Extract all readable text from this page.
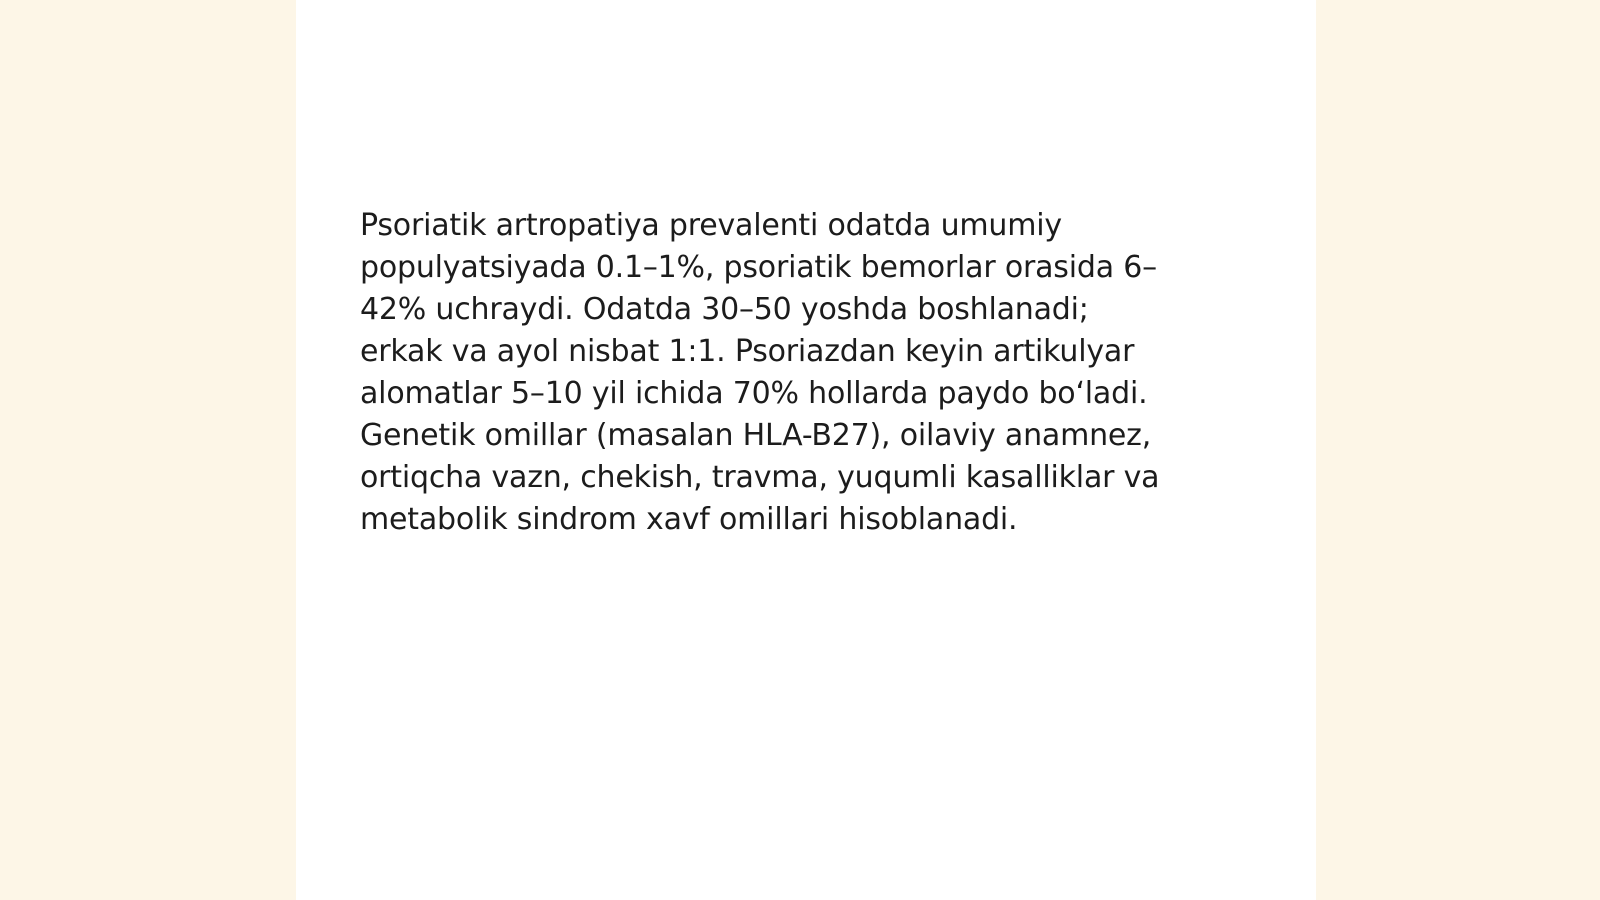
Psoriatik artropatiya prevalenti odatda umumiy
populyatsiyada 0.1–1%, psoriatik bemorlar orasida 6–
42% uchraydi. Odatda 30–50 yoshda boshlanadi;
erkak va ayol nisbat 1:1. Psoriazdan keyin artikulyar
alomatlar 5–10 yil ichida 70% hollarda paydo boʻladi.
Genetik omillar (masalan HLA-B27), oilaviy anamnez,
ortiqcha vazn, chekish, travma, yuqumli kasalliklar va
metabolik sindrom xavf omillari hisoblanadi.
